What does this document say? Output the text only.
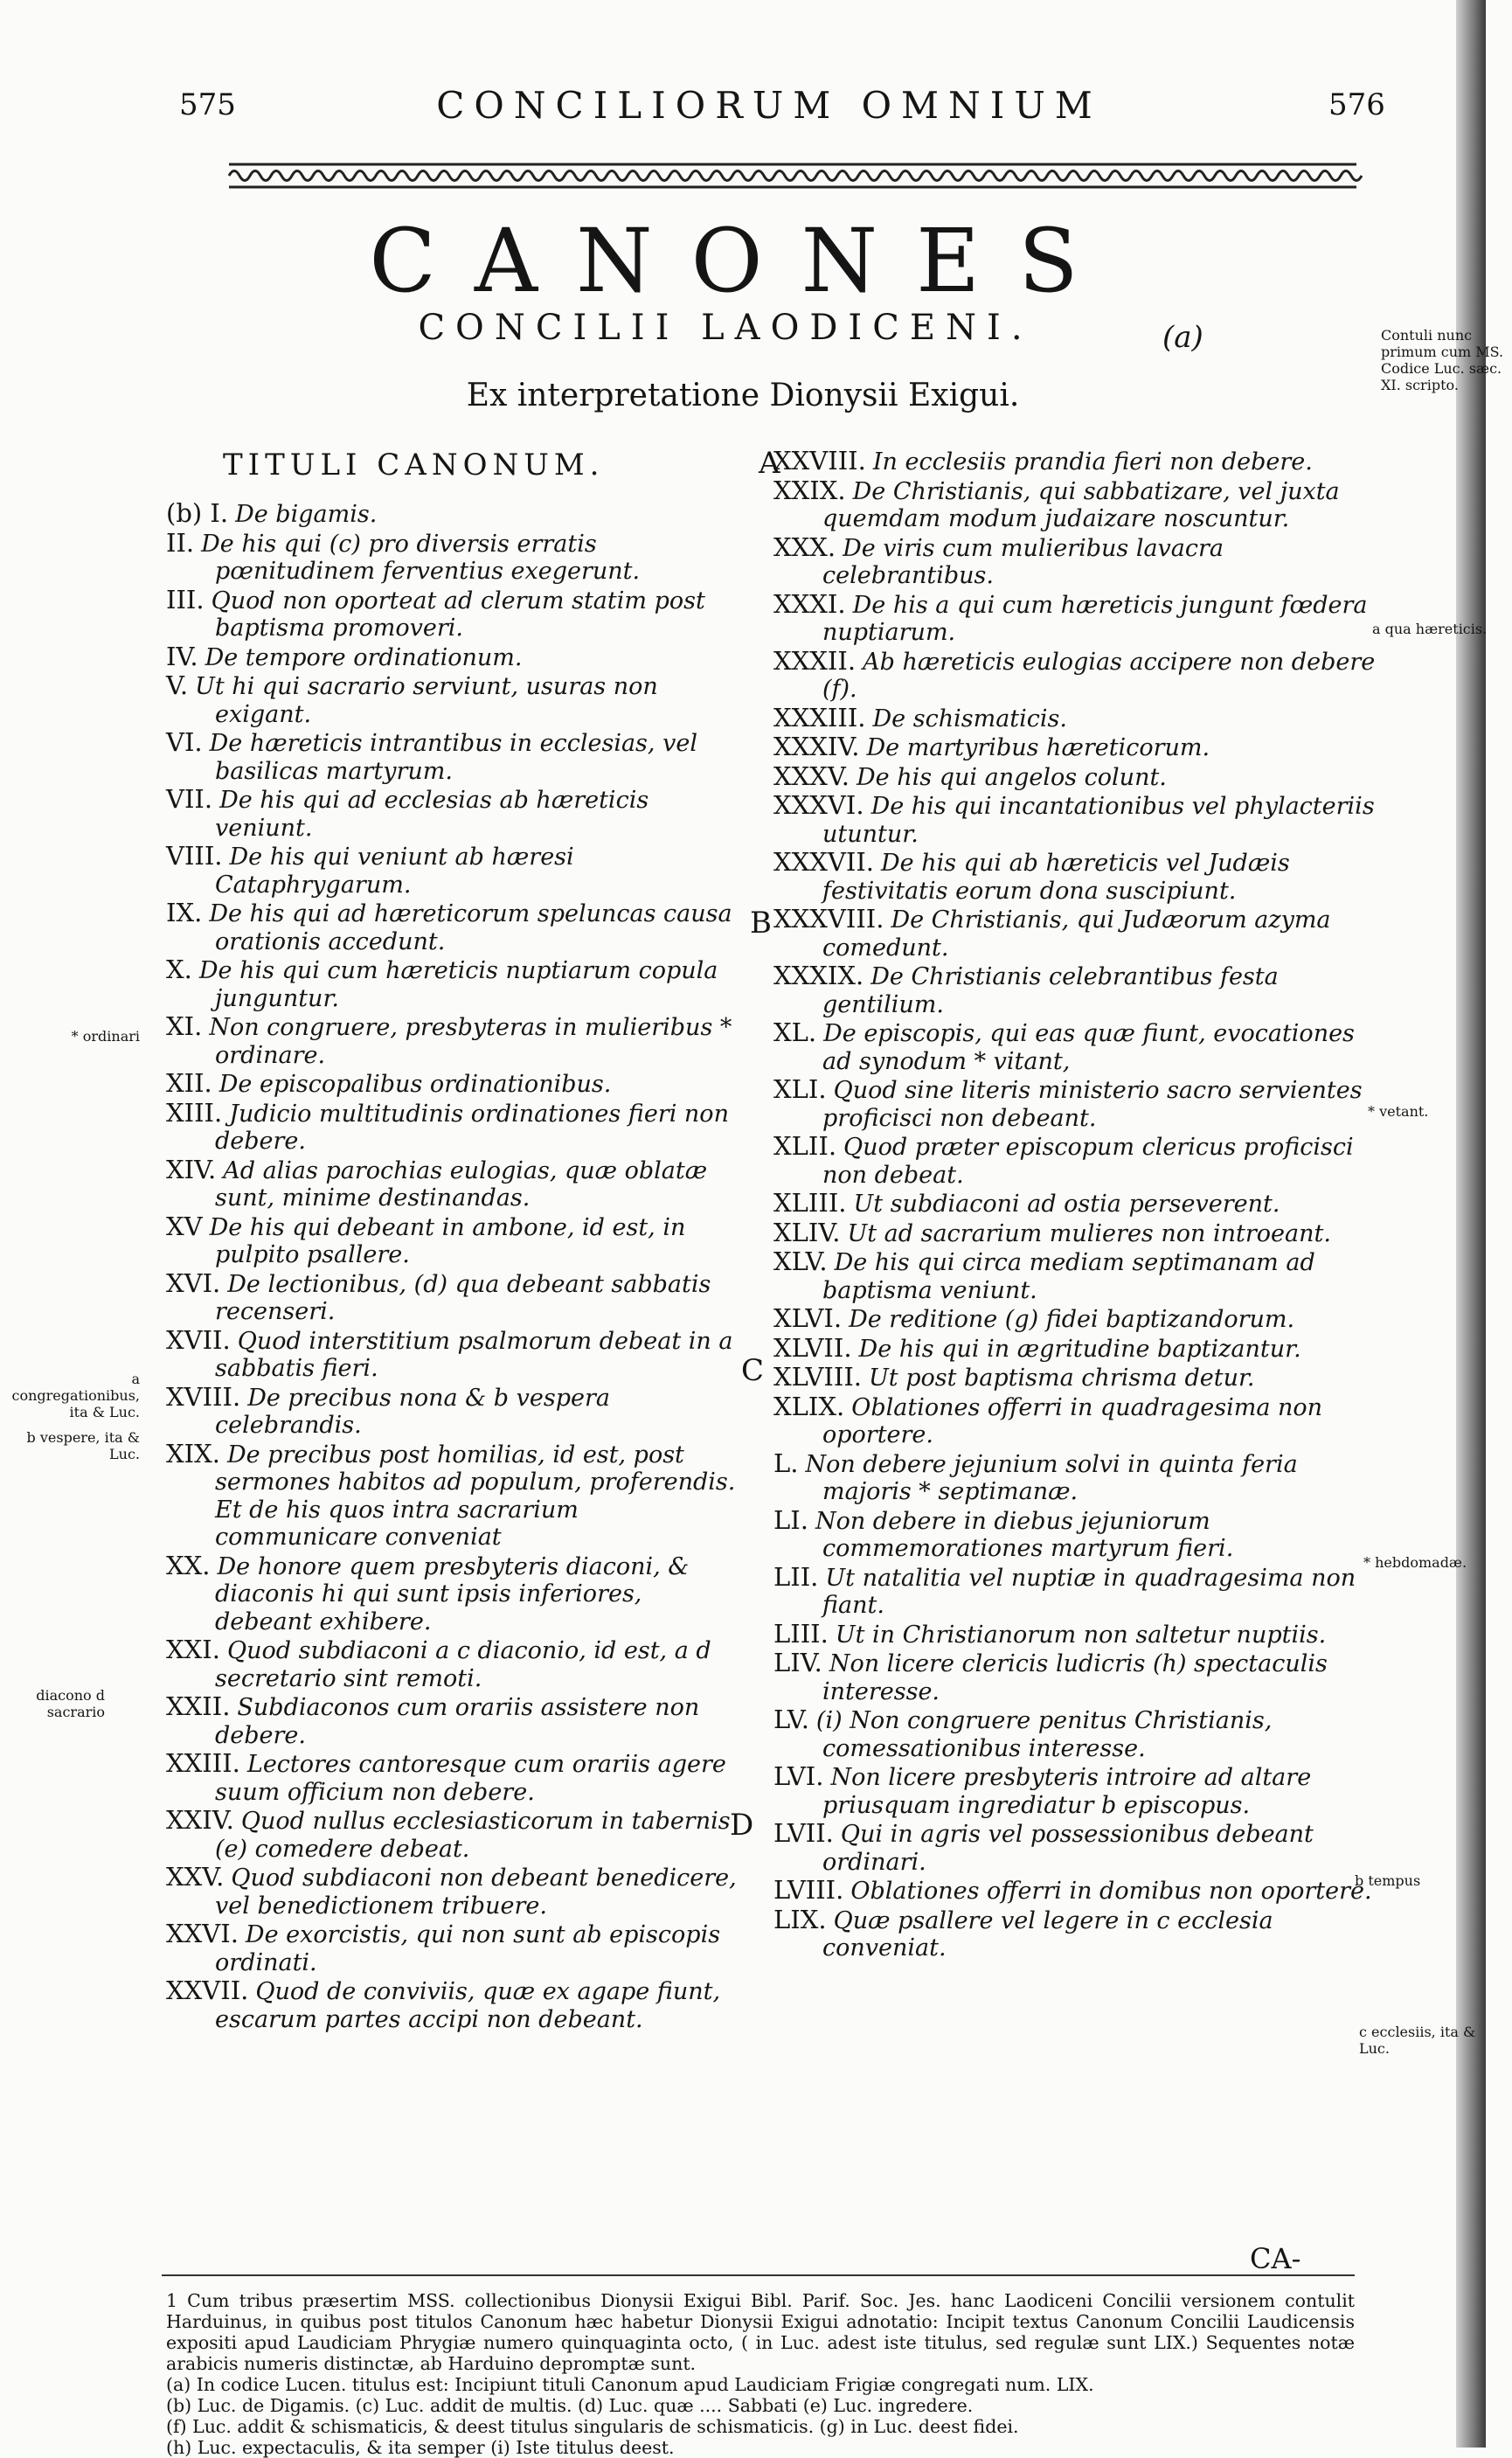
575	CONCILIORUM OMNIUM	576
CANONES
CONCILII LAODICENI.	(a)
Ex interpretatione Dionysii Exigui.
TITULI CANONUM.
(b) I. De bigamis.
II. De his qui (c) pro diversis erratis pœnitudinem ferventius exegerunt.
III. Quod non oporteat ad clerum statim post baptisma promoveri.
IV. De tempore ordinationum.
V. Ut hi qui sacrario serviunt, usuras non exigant.
VI. De hæreticis intrantibus in ecclesias, vel basilicas martyrum.
VII. De his qui ad ecclesias ab hæreticis veniunt.
VIII. De his qui veniunt ab hæresi Cataphrygarum.
IX. De his qui ad hæreticorum speluncas causa orationis accedunt.
X. De his qui cum hæreticis nuptiarum copula junguntur.
XI. Non congruere, presbyteras in mulieribus * ordinare.
XII. De episcopalibus ordinationibus.
XIII. Judicio multitudinis ordinationes fieri non debere.
XIV. Ad alias parochias eulogias, quæ oblatæ sunt, minime destinandas.
XV De his qui debeant in ambone, id est, in pulpito psallere.
XVI. De lectionibus, (d) qua debeant sabbatis recenseri.
XVII. Quod interstitium psalmorum debeat in a sabbatis fieri.
XVIII. De precibus nona & b vespera celebrandis.
XIX. De precibus post homilias, id est, post sermones habitos ad populum, proferendis. Et de his quos intra sacrarium communicare conveniat
XX. De honore quem presbyteris diaconi, & diaconis hi qui sunt ipsis inferiores, debeant exhibere.
XXI. Quod subdiaconi a c diaconio, id est, a d secretario sint remoti.
XXII. Subdiaconos cum orariis assistere non debere.
XXIII. Lectores cantoresque cum orariis agere suum officium non debere.
XXIV. Quod nullus ecclesiasticorum in tabernis (e) comedere debeat.
XXV. Quod subdiaconi non debeant benedicere, vel benedictionem tribuere.
XXVI. De exorcistis, qui non sunt ab episcopis ordinati.
XXVII. Quod de conviviis, quæ ex agape fiunt, escarum partes accipi non debeant.
XXVIII. In ecclesiis prandia fieri non debere.
XXIX. De Christianis, qui sabbatizare, vel juxta quemdam modum judaizare noscuntur.
XXX. De viris cum mulieribus lavacra celebrantibus.
XXXI. De his a qui cum hæreticis jungunt fœdera nuptiarum.
XXXII. Ab hæreticis eulogias accipere non debere (f).
XXXIII. De schismaticis.
XXXIV. De martyribus hæreticorum.
XXXV. De his qui angelos colunt.
XXXVI. De his qui incantationibus vel phylacteriis utuntur.
XXXVII. De his qui ab hæreticis vel Judæis festivitatis eorum dona suscipiunt.
XXXVIII. De Christianis, qui Judæorum azyma comedunt.
XXXIX. De Christianis celebrantibus festa gentilium.
XL. De episcopis, qui eas quæ fiunt, evocationes ad synodum * vitant,
XLI. Quod sine literis ministerio sacro servientes proficisci non debeant.
XLII. Quod præter episcopum clericus proficisci non debeat.
XLIII. Ut subdiaconi ad ostia perseverent.
XLIV. Ut ad sacrarium mulieres non introeant.
XLV. De his qui circa mediam septimanam ad baptisma veniunt.
XLVI. De reditione (g) fidei baptizandorum.
XLVII. De his qui in ægritudine baptizantur.
XLVIII. Ut post baptisma chrisma detur.
XLIX. Oblationes offerri in quadragesima non oportere.
L. Non debere jejunium solvi in quinta feria majoris * septimanæ.
LI. Non debere in diebus jejuniorum commemorationes martyrum fieri.
LII. Ut natalitia vel nuptiæ in quadragesima non fiant.
LIII. Ut in Christianorum non saltetur nuptiis.
LIV. Non licere clericis ludicris (h) spectaculis interesse.
LV. (i) Non congruere penitus Christianis, comessationibus interesse.
LVI. Non licere presbyteris introire ad altare priusquam ingrediatur b episcopus.
LVII. Qui in agris vel possessionibus debeant ordinari.
LVIII. Oblationes offerri in domibus non oportere.
LIX. Quæ psallere vel legere in c ecclesia conveniat.
A
B
C
D
Contuli nunc primum cum MS. Codice Luc. sæc. XI. scripto.
a qua hæreticis.
* ordinari
* vetant.
a congregationibus, ita & Luc.
b vespere, ita & Luc.
* hebdomadæ.
diacono d sacrario
b tempus
c ecclesiis, ita & Luc.
CA-

1 Cum tribus præsertim MSS. collectionibus Dionysii Exigui Bibl. Parif. Soc. Jes. hanc Laodiceni Concilii versionem contulit Harduinus, in quibus post titulos Canonum hæc habetur Dionysii Exigui adnotatio: Incipit textus Canonum Concilii Laudicensis expositi apud Laudiciam Phrygiæ numero quinquaginta octo, ( in Luc. adest iste titulus, sed regulæ sunt LIX.) Sequentes notæ arabicis numeris distinctæ, ab Harduino depromptæ sunt.

(a) In codice Lucen. titulus est: Incipiunt tituli Canonum apud Laudiciam Frigiæ congregati num. LIX.

(b) Luc. de Digamis. (c) Luc. addit de multis. (d) Luc. quæ .... Sabbati (e) Luc. ingredere.

(f) Luc. addit & schismaticis, & deest titulus singularis de schismaticis. (g) in Luc. deest fidei.

(h) Luc. expectaculis, & ita semper (i) Iste titulus deest.
